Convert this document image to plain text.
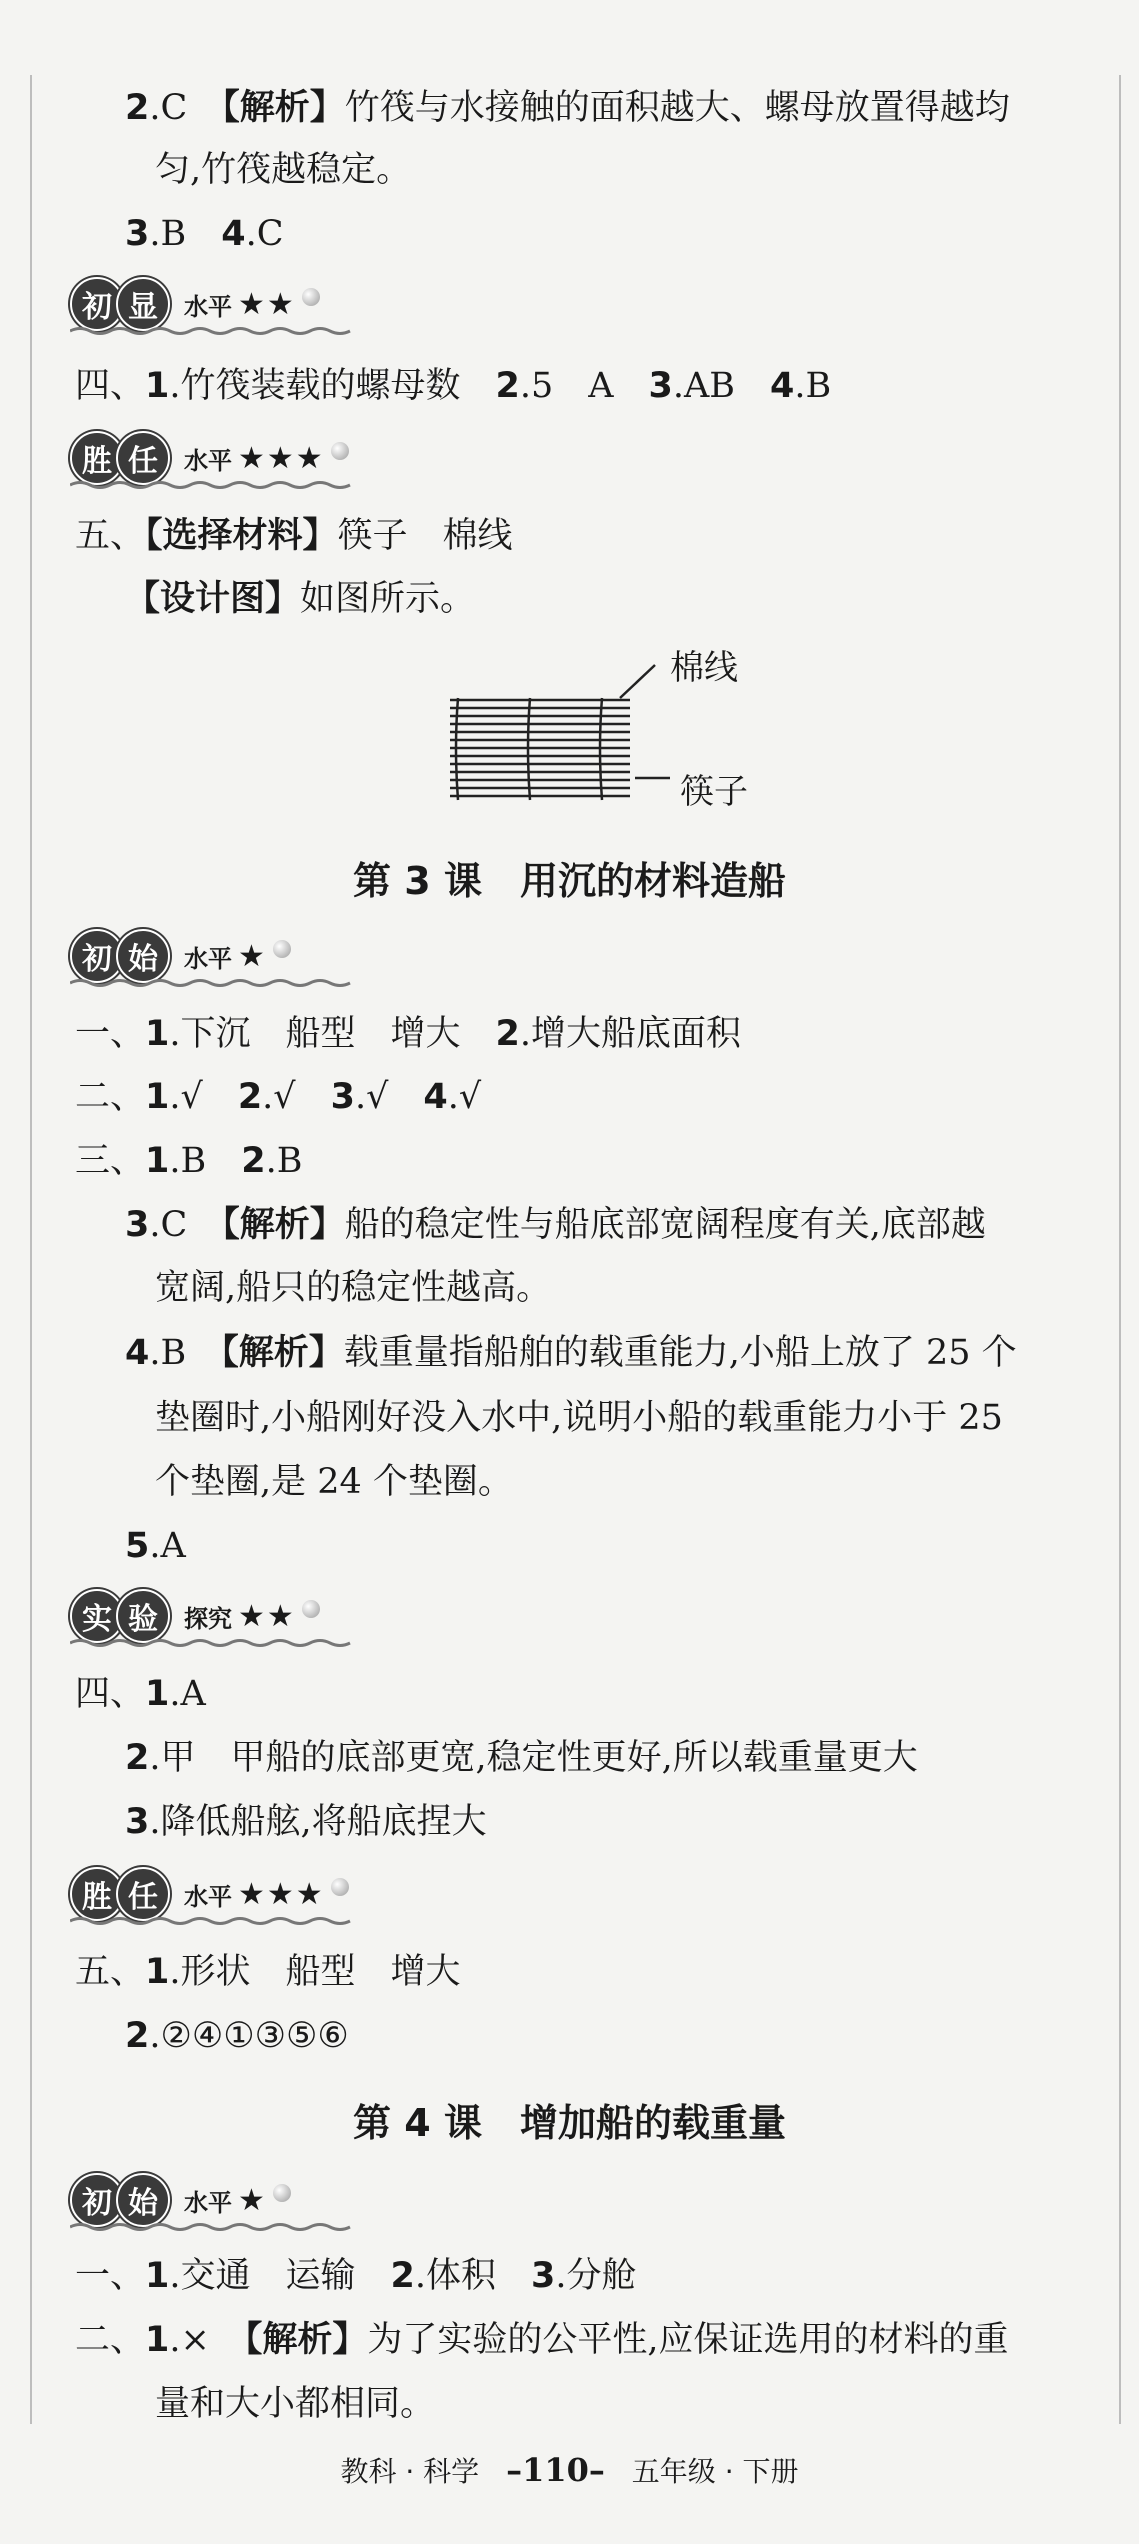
2.C　【解析】竹筏与水接触的面积越大、螺母放置得越均
匀,竹筏越稳定。
3.B　4.C
初 显	水平 ★★
四、1.竹筏装载的螺母数　2.5　A　3.AB　4.B
胜 任	水平 ★★★
五、【选择材料】筷子　棉线
【设计图】如图所示。
棉线
筷子
第 3 课　用沉的材料造船
初 始	水平 ★
一、1.下沉　船型　增大　2.增大船底面积
二、1.√　2.√　3.√　4.√
三、1.B　2.B
3.C　【解析】船的稳定性与船底部宽阔程度有关,底部越
宽阔,船只的稳定性越高。
4.B　【解析】载重量指船舶的载重能力,小船上放了 25 个
垫圈时,小船刚好没入水中,说明小船的载重能力小于 25
个垫圈,是 24 个垫圈。
5.A
实 验	探究 ★★
四、1.A
2.甲　甲船的底部更宽,稳定性更好,所以载重量更大
3.降低船舷,将船底捏大
胜 任	水平 ★★★
五、1.形状　船型　增大
2.②④①③⑤⑥
第 4 课　增加船的载重量
初 始	水平 ★
一、1.交通　运输　2.体积　3.分舱
二、1.×　【解析】为了实验的公平性,应保证选用的材料的重
量和大小都相同。
教科 · 科学 –110– 五年级 · 下册
